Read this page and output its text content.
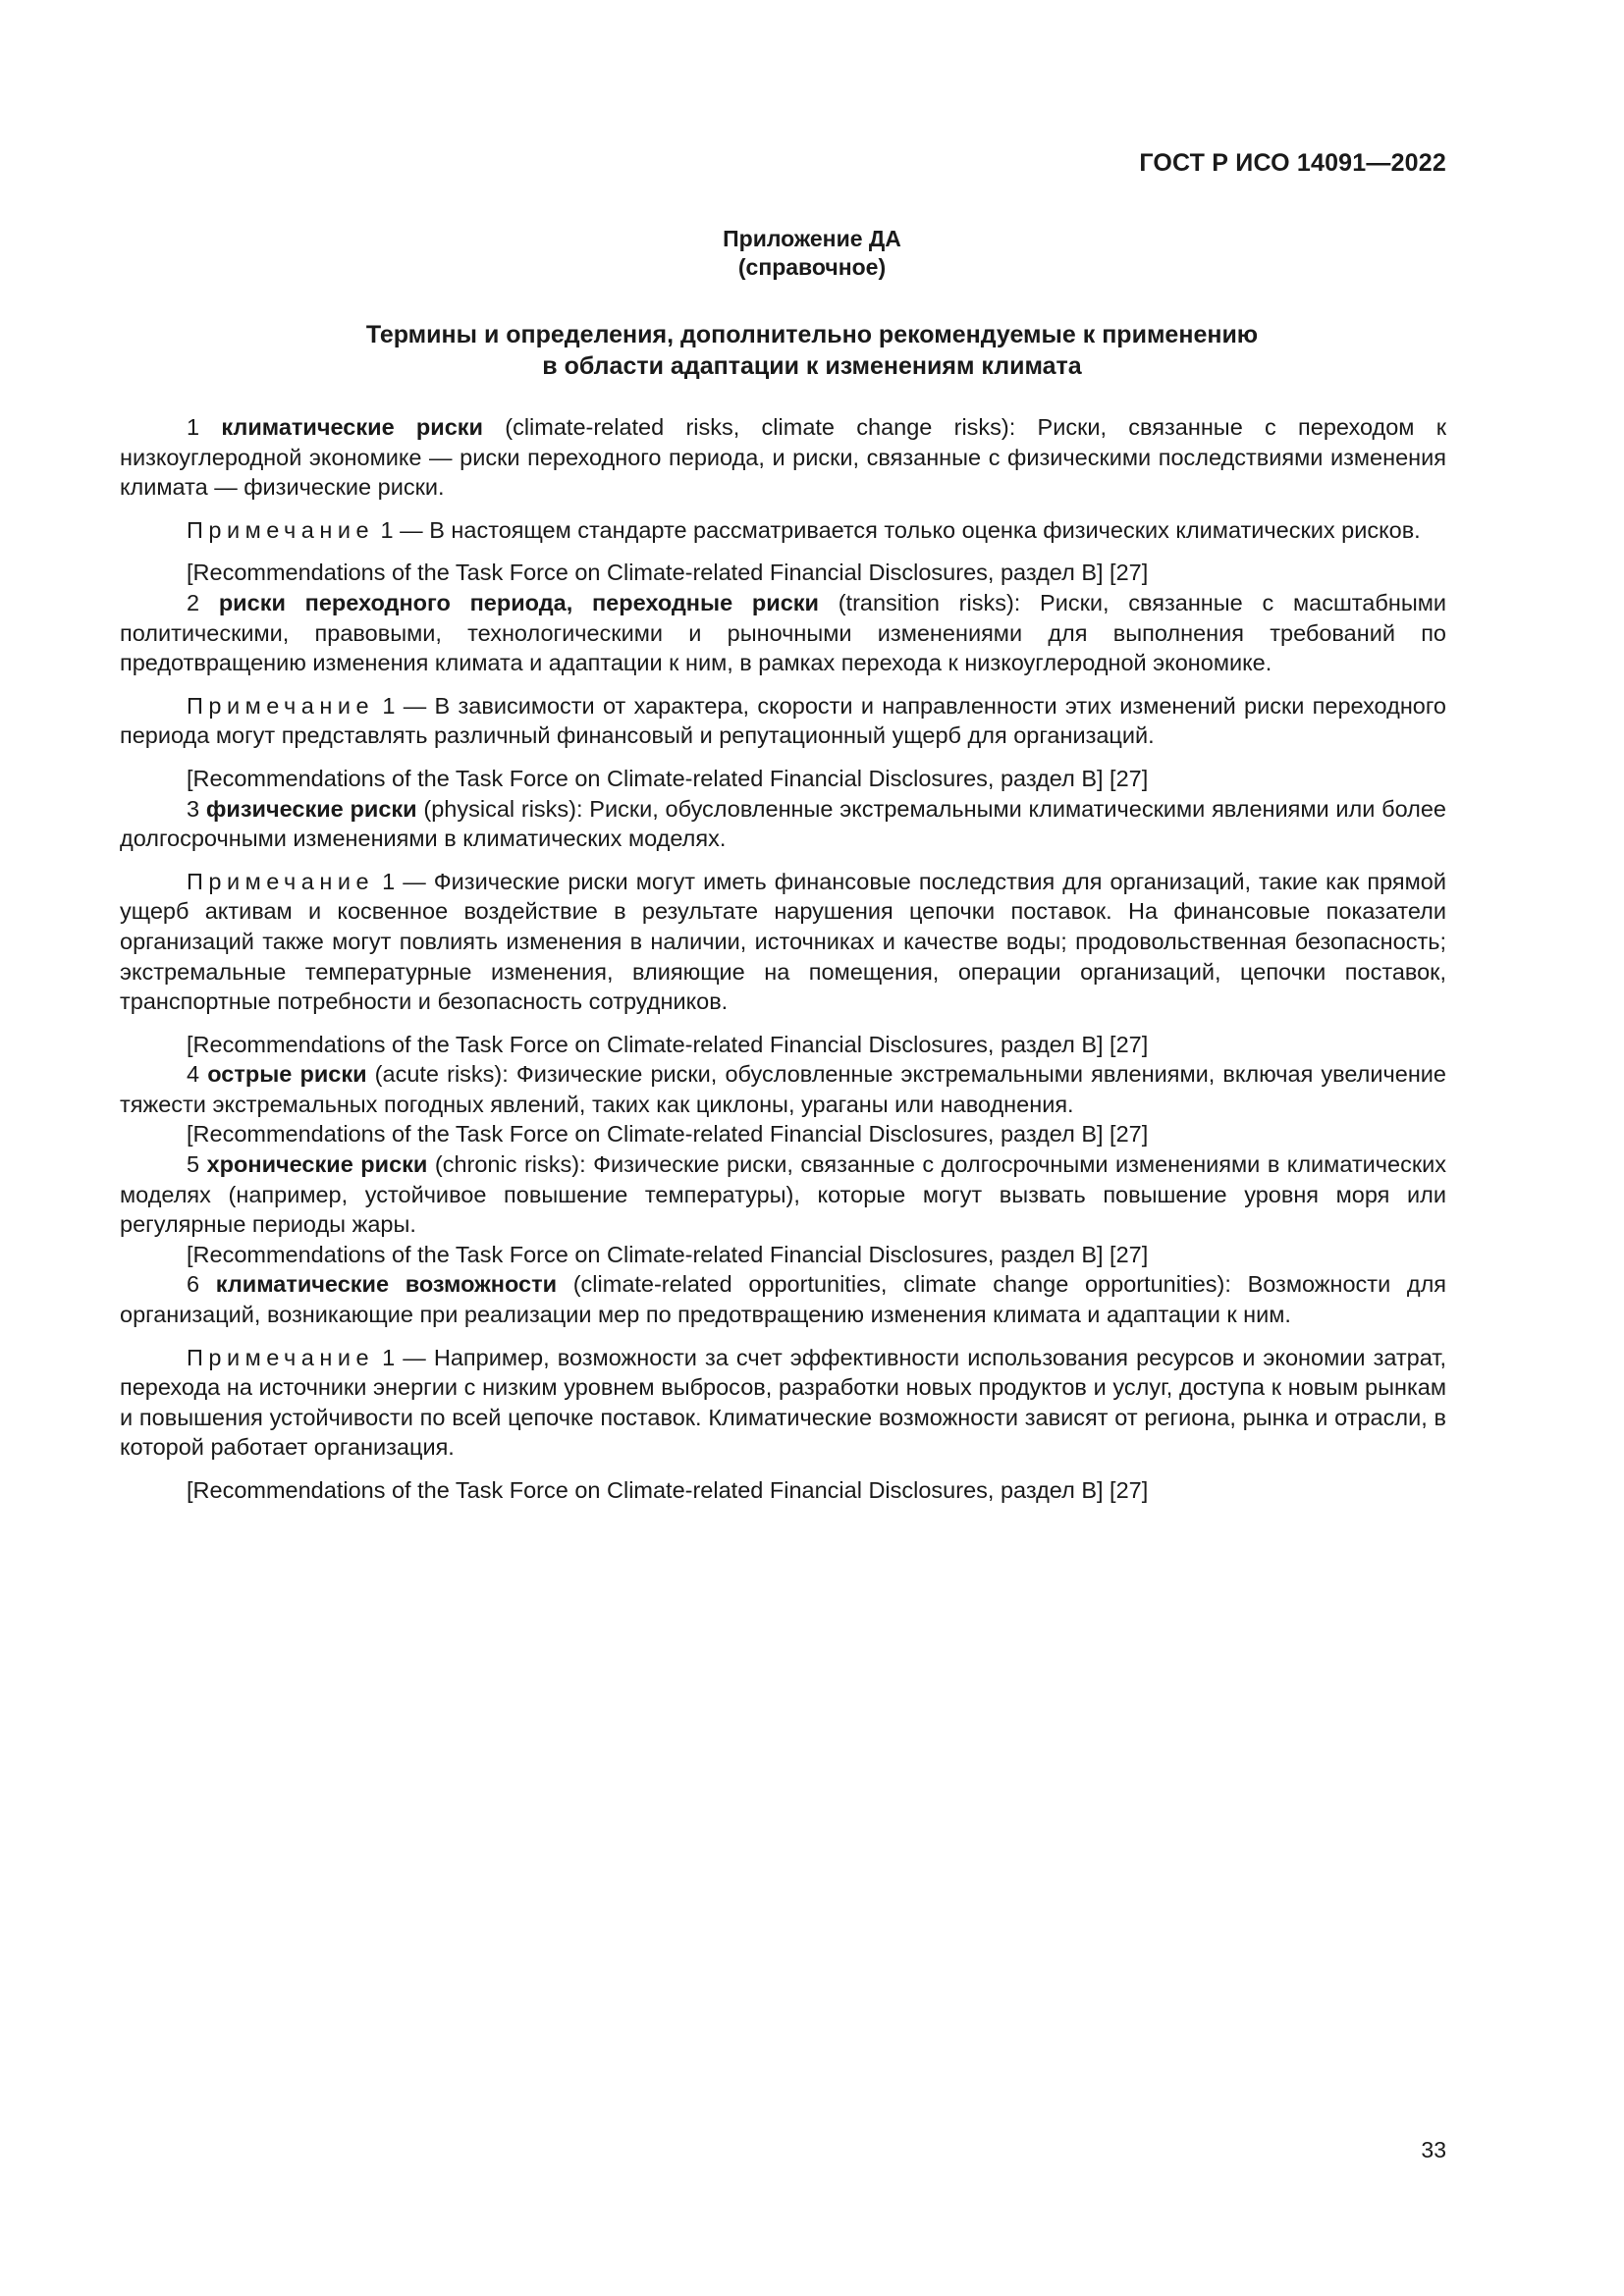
ГОСТ Р ИСО 14091—2022
Приложение ДА
(справочное)
Термины и определения, дополнительно рекомендуемые к применению
в области адаптации к изменениям климата

1 климатические риски (climate-related risks, climate change risks): Риски, связанные с переходом к низкоуглеродной экономике — риски переходного периода, и риски, связанные с физическими последствиями изменения климата — физические риски.

Примечание 1 — В настоящем стандарте рассматривается только оценка физических климатических рисков.

[Recommendations of the Task Force on Climate-related Financial Disclosures, раздел B] [27]

2 риски переходного периода, переходные риски (transition risks): Риски, связанные с масштабными политическими, правовыми, технологическими и рыночными изменениями для выполнения требований по предотвращению изменения климата и адаптации к ним, в рамках перехода к низкоуглеродной экономике.

Примечание 1 — В зависимости от характера, скорости и направленности этих изменений риски переходного периода могут представлять различный финансовый и репутационный ущерб для организаций.

[Recommendations of the Task Force on Climate-related Financial Disclosures, раздел B] [27]

3 физические риски (physical risks): Риски, обусловленные экстремальными климатическими явлениями или более долгосрочными изменениями в климатических моделях.

Примечание 1 — Физические риски могут иметь финансовые последствия для организаций, такие как прямой ущерб активам и косвенное воздействие в результате нарушения цепочки поставок. На финансовые показатели организаций также могут повлиять изменения в наличии, источниках и качестве воды; продовольственная безопасность; экстремальные температурные изменения, влияющие на помещения, операции организаций, цепочки поставок, транспортные потребности и безопасность сотрудников.

[Recommendations of the Task Force on Climate-related Financial Disclosures, раздел B] [27]

4 острые риски (acute risks): Физические риски, обусловленные экстремальными явлениями, включая увеличение тяжести экстремальных погодных явлений, таких как циклоны, ураганы или наводнения.

[Recommendations of the Task Force on Climate-related Financial Disclosures, раздел B] [27]

5 хронические риски (chronic risks): Физические риски, связанные с долгосрочными изменениями в климатических моделях (например, устойчивое повышение температуры), которые могут вызвать повышение уровня моря или регулярные периоды жары.

[Recommendations of the Task Force on Climate-related Financial Disclosures, раздел B] [27]

6 климатические возможности (climate-related opportunities, climate change opportunities): Возможности для организаций, возникающие при реализации мер по предотвращению изменения климата и адаптации к ним.

Примечание 1 — Например, возможности за счет эффективности использования ресурсов и экономии затрат, перехода на источники энергии с низким уровнем выбросов, разработки новых продуктов и услуг, доступа к новым рынкам и повышения устойчивости по всей цепочке поставок. Климатические возможности зависят от региона, рынка и отрасли, в которой работает организация.

[Recommendations of the Task Force on Climate-related Financial Disclosures, раздел B] [27]

33
